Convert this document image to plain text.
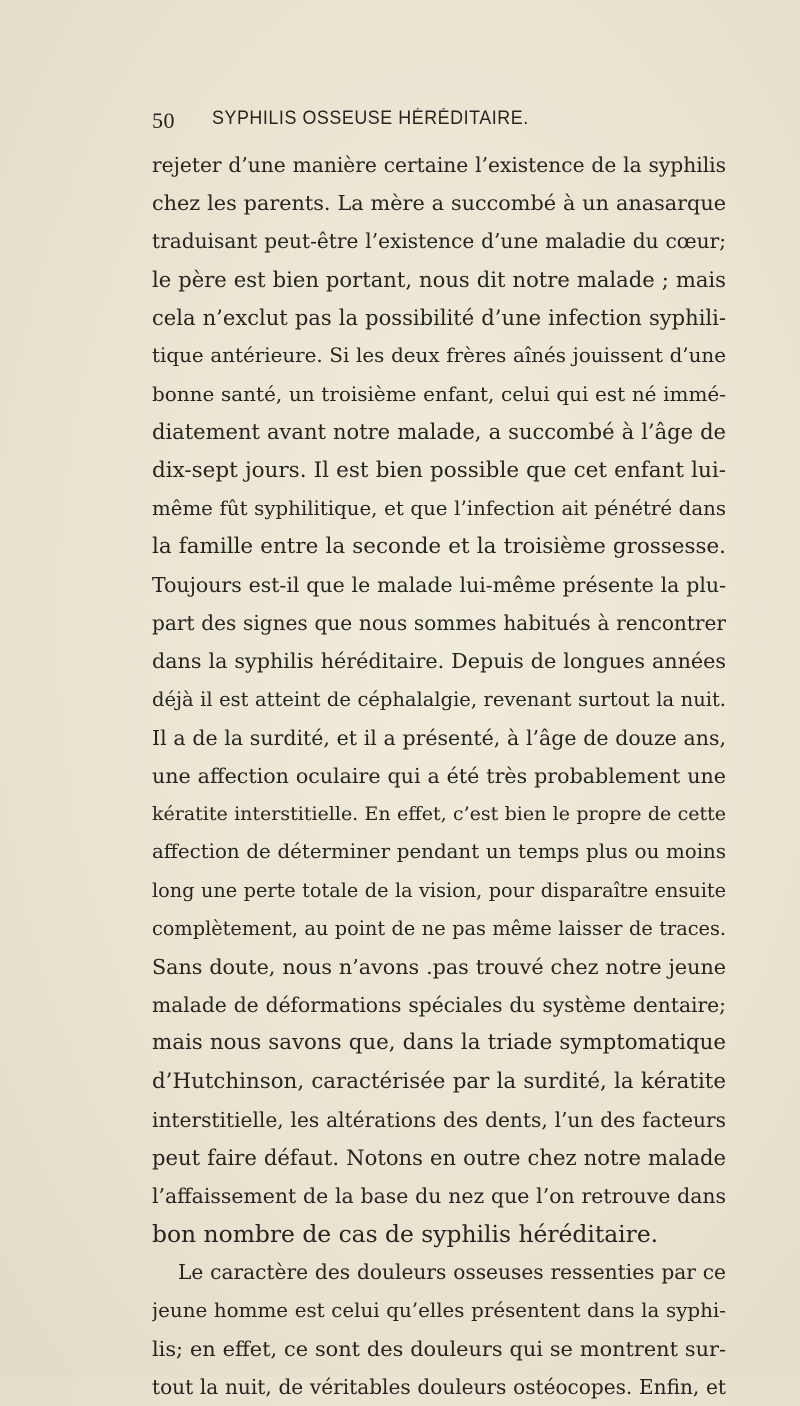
50 SYPHILIS OSSEUSE HÉRÉDITAIRE.
rejeter d’une manière certaine l’existence de la syphilis
chez les parents. La mère a succombé à un anasarque
traduisant peut-être l’existence d’une maladie du cœur;
le père est bien portant, nous dit notre malade ; mais
cela n’exclut pas la possibilité d’une infection syphili-
tique antérieure. Si les deux frères aînés jouissent d’une
bonne santé, un troisième enfant, celui qui est né immé-
diatement avant notre malade, a succombé à l’âge de
dix-sept jours. Il est bien possible que cet enfant lui-
même fût syphilitique, et que l’infection ait pénétré dans
la famille entre la seconde et la troisième grossesse.
Toujours est-il que le malade lui-même présente la plu-
part des signes que nous sommes habitués à rencontrer
dans la syphilis héréditaire. Depuis de longues années
déjà il est atteint de céphalalgie, revenant surtout la nuit.
Il a de la surdité, et il a présenté, à l’âge de douze ans,
une affection oculaire qui a été très probablement une
kératite interstitielle. En effet, c’est bien le propre de cette
affection de déterminer pendant un temps plus ou moins
long une perte totale de la vision, pour disparaître ensuite
complètement, au point de ne pas même laisser de traces.
Sans doute, nous n’avons .pas trouvé chez notre jeune
malade de déformations spéciales du système dentaire;
mais nous savons que, dans la triade symptomatique
d’Hutchinson, caractérisée par la surdité, la kératite
interstitielle, les altérations des dents, l’un des facteurs
peut faire défaut. Notons en outre chez notre malade
l’affaissement de la base du nez que l’on retrouve dans
bon nombre de cas de syphilis héréditaire.
Le caractère des douleurs osseuses ressenties par ce
jeune homme est celui qu’elles présentent dans la syphi-
lis; en effet, ce sont des douleurs qui se montrent sur-
tout la nuit, de véritables douleurs ostéocopes. Enfin, et
